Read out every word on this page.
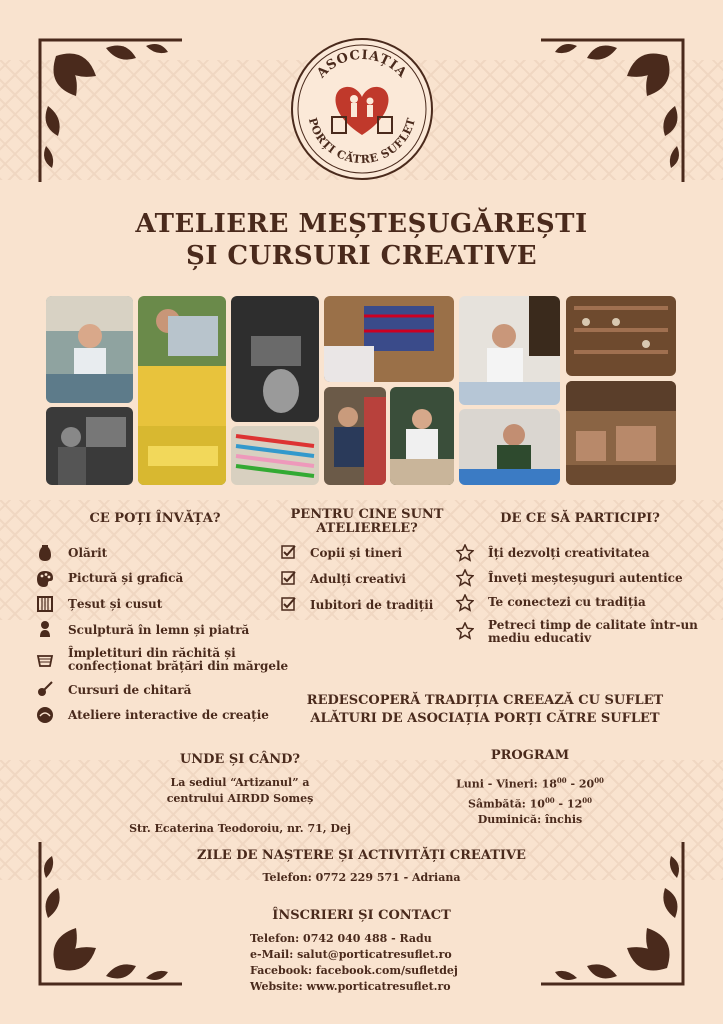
ASOCIAȚIA
PORȚI CĂTRE SUFLET
ATELIERE MEȘTEȘUGĂREȘTI
ȘI CURSURI CREATIVE
CE POȚI ÎNVĂȚA?
Olărit
Pictură și grafică
Țesut și cusut
Sculptură în lemn și piatră
Împletituri din răchită și
confecționat brățări din mărgele
Cursuri de chitară
Ateliere interactive de creație
PENTRU CINE SUNT
ATELIERELE?
Copii și tineri
Adulți creativi
Iubitori de tradiții
DE CE SĂ PARTICIPI?
Îți dezvolți creativitatea
Înveți meșteșuguri autentice
Te conectezi cu tradiția
Petreci timp de calitate într-un
mediu educativ
REDESCOPERĂ TRADIȚIA CREEAZĂ CU SUFLET
ALĂTURI DE ASOCIAȚIA PORȚI CĂTRE SUFLET
UNDE ȘI CÂND?
La sediul “Artizanul” a
centrului AIRDD Someș
Str. Ecaterina Teodoroiu, nr. 71, Dej
PROGRAM
Luni - Vineri: $18^{00} - 20^{00}$
Sâmbătă: $10^{00} - 12^{00}$
Duminică: închis
ZILE DE NAȘTERE ȘI ACTIVITĂȚI CREATIVE
Telefon: 0772 229 571 - Adriana
ÎNSCRIERI ȘI CONTACT
Telefon: 0742 040 488 - Radu
e-Mail: salut@porticatresuflet.ro
Facebook: facebook.com/sufletdej
Website: www.porticatresuflet.ro
